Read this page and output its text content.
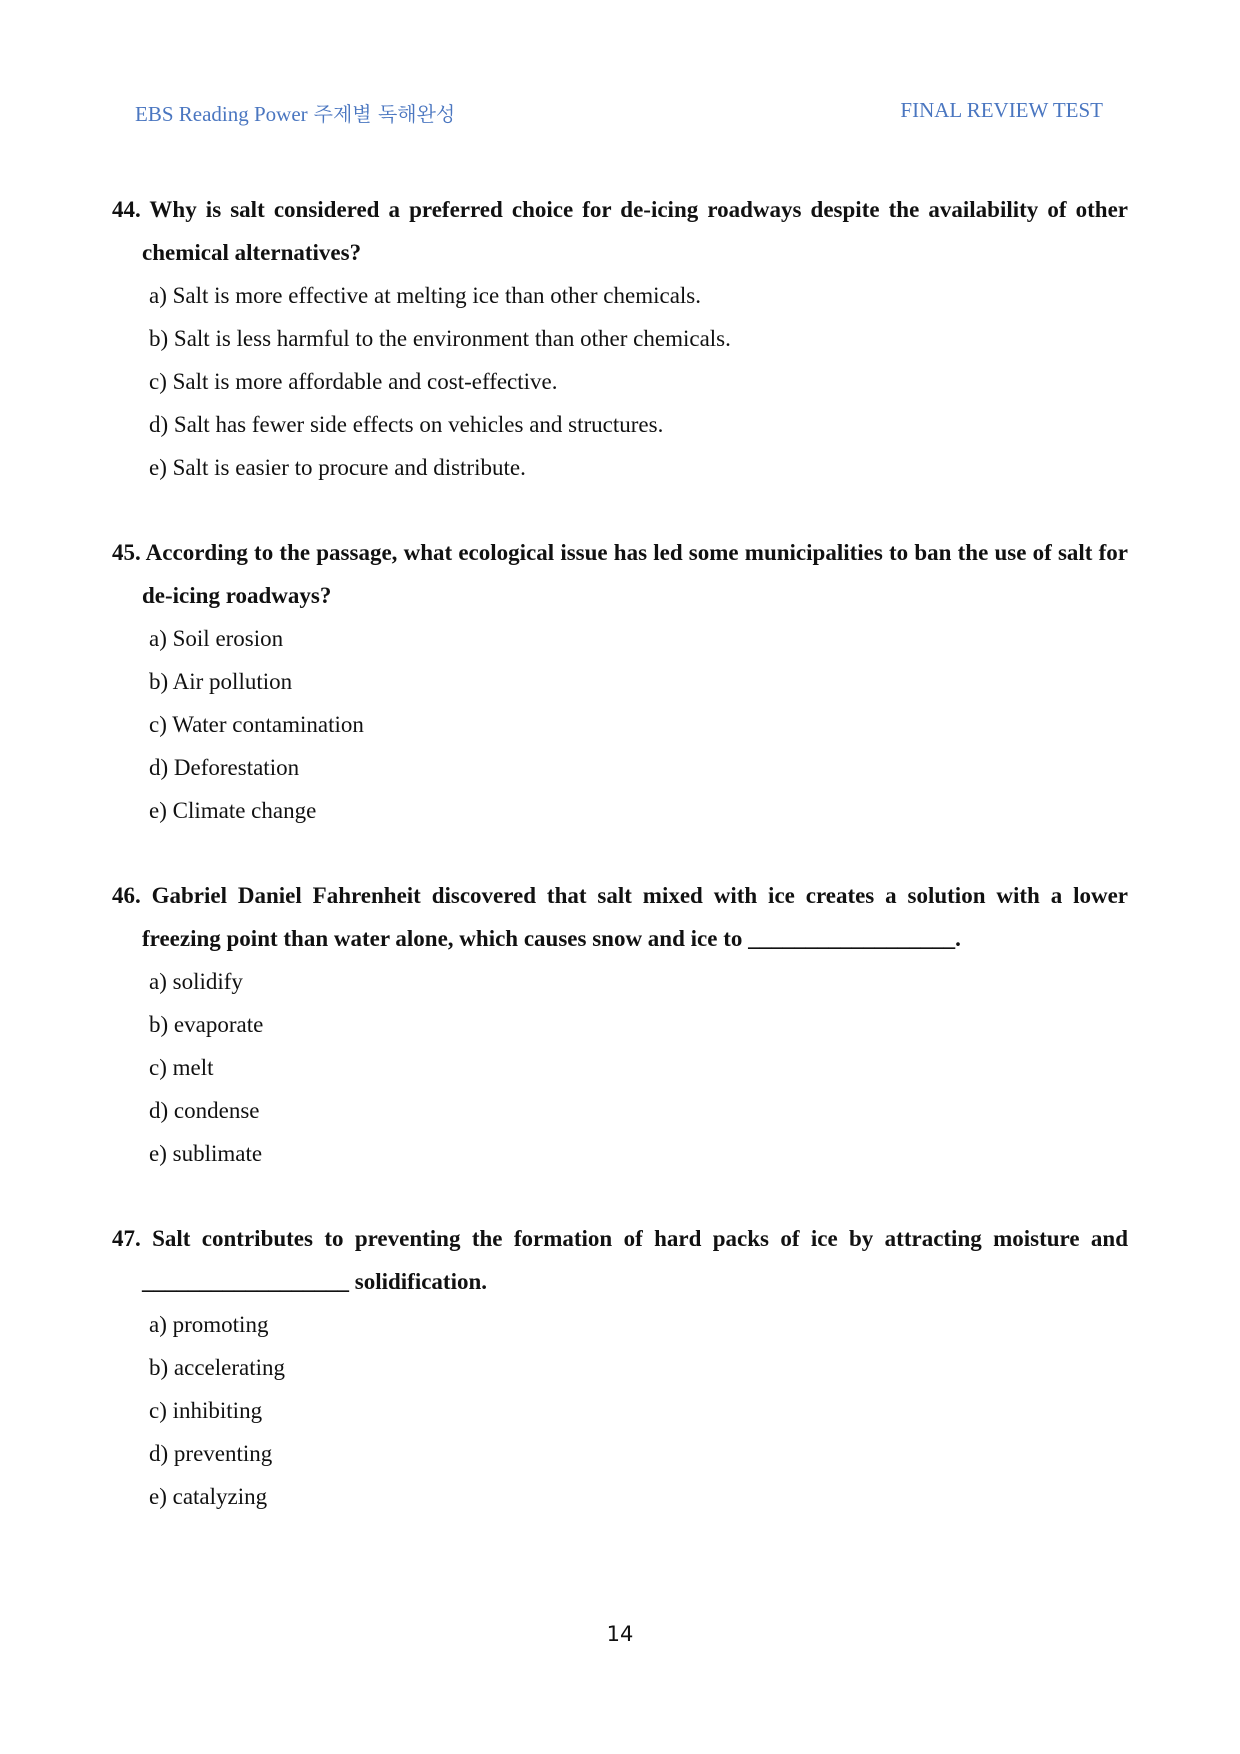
EBS Reading Power 주제별 독해완성	FINAL REVIEW TEST
44. Why is salt considered a preferred choice for de-icing roadways despite the availability of other chemical alternatives?
a) Salt is more effective at melting ice than other chemicals.
b) Salt is less harmful to the environment than other chemicals.
c) Salt is more affordable and cost-effective.
d) Salt has fewer side effects on vehicles and structures.
e) Salt is easier to procure and distribute.
45. According to the passage, what ecological issue has led some municipalities to ban the use of salt for de-icing roadways?
a) Soil erosion
b) Air pollution
c) Water contamination
d) Deforestation
e) Climate change
46. Gabriel Daniel Fahrenheit discovered that salt mixed with ice creates a solution with a lower freezing point than water alone, which causes snow and ice to __________________.
a) solidify
b) evaporate
c) melt
d) condense
e) sublimate
47. Salt contributes to preventing the formation of hard packs of ice by attracting moisture and __________________ solidification.
a) promoting
b) accelerating
c) inhibiting
d) preventing
e) catalyzing
14
